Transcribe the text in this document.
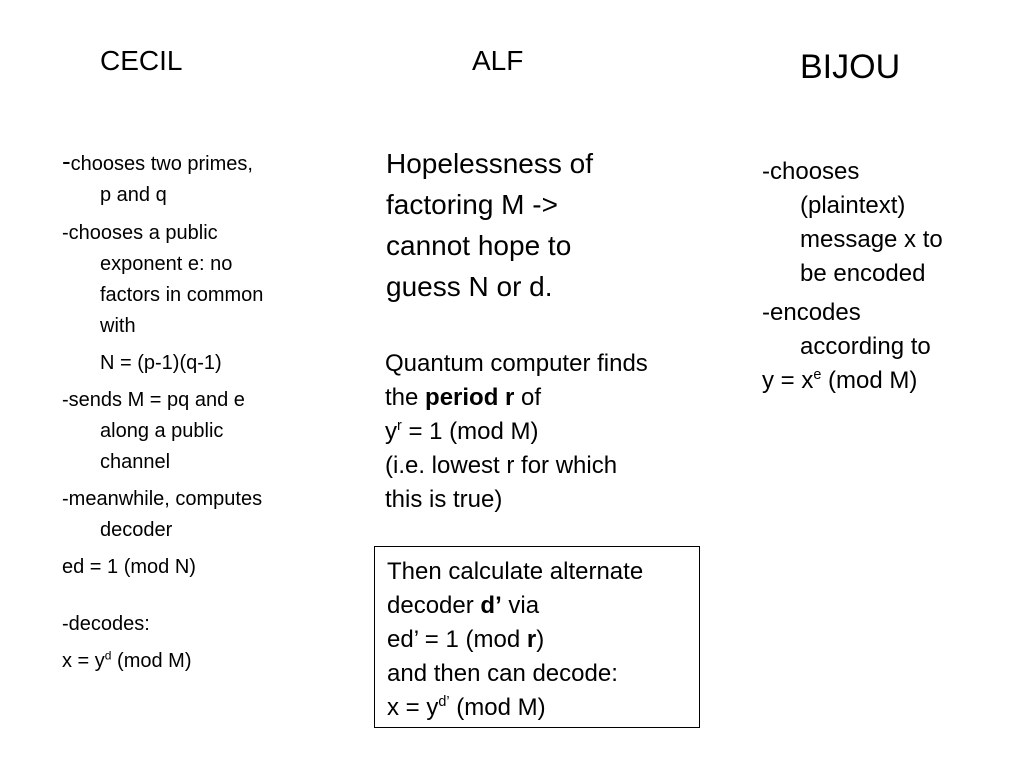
CECIL	ALF	BIJOU
-chooses two primes,
p and q
-chooses a public
exponent e: no
factors in common
with
N = (p-1)(q-1)
-sends M = pq and e
along a public
channel
-meanwhile, computes
decoder
ed = 1 (mod N)
-decodes:
$x = y^d$ (mod M)
Hopelessness of
factoring M ->
cannot hope to
guess N or d.
Quantum computer finds
the period r of
$y^r = 1$ (mod M)
(i.e. lowest r for which
this is true)
Then calculate alternate
decoder d’ via
ed’ = 1 (mod r)
and then can decode:
$x = y^{d’}$ (mod M)
-chooses
(plaintext)
message x to
be encoded
-encodes
according to
$y = x^e$ (mod M)
